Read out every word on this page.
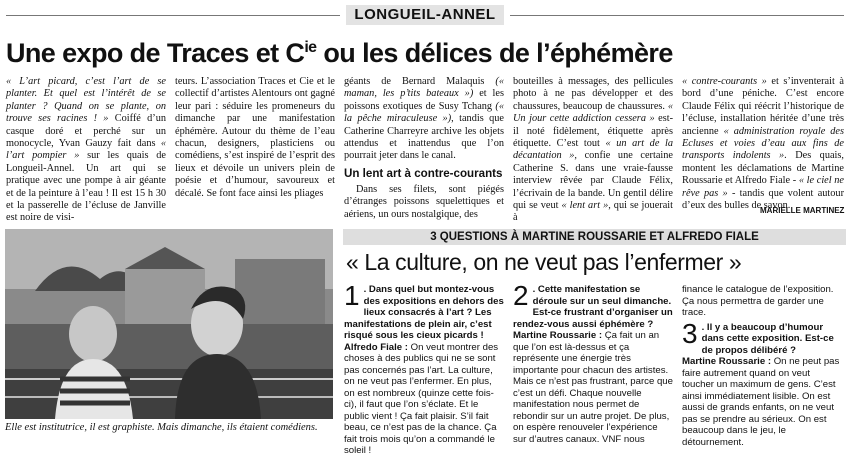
LONGUEIL-ANNEL
Une expo de Traces et $C^{ie}$ ou les délices de l’éphémère

« L’art picard, c’est l’art de se planter. Et quel est l’intérêt de se planter ? Quand on se plante, on trouve ses racines ! » Coiffé d’un casque doré et perché sur un monocycle, Yvan Gauzy fait dans « l’art pompier » sur les quais de Longueil-Annel. Un art qui se pratique avec une pompe à air géante et de la peinture à l’eau ! Il est 15 h 30 et la passerelle de l’écluse de Janville est noire de visi-

teurs. L’association Traces et Cie et le collectif d’artistes Alentours ont gagné leur pari : séduire les promeneurs du dimanche par une manifestation éphémère. Autour du thème de l’eau chacun, designers, plasticiens ou comédiens, s’est inspiré de l’esprit des lieux et dévoile un univers plein de poésie et d’humour, savoureux et décalé. Se font face ainsi les pliages

géants de Bernard Malaquis (« maman, les p’tits bateaux ») et les poissons exotiques de Susy Tchang (« la pêche miraculeuse »), tandis que Catherine Charreyre archive les objets attendus et inattendus que l’on pourrait jeter dans le canal.

Un lent art à contre-courants

Dans ses filets, sont piégés d’étranges poissons squelettiques et aériens, un ours nostalgique, des

bouteilles à messages, des pellicules photo à ne pas développer et des chaussures, beaucoup de chaussures. « Un jour cette addiction cessera » est-il noté fidèlement, étiquette après étiquette. C’est tout « un art de la décantation », confie une certaine Catherine S. dans une vraie-fausse interview rêvée par Claude Félix, l’écrivain de la bande. Un gentil délire qui se veut « lent art », qui se jouerait à

« contre-courants » et s’inventerait à bord d’une péniche. C’est encore Claude Félix qui réécrit l’historique de l’écluse, installation héritée d’une très ancienne « administration royale des Ecluses et voies d’eau aux fins de transports indolents ». Des quais, montent les déclamations de Martine Roussarie et Alfredo Fiale - « le ciel ne rêve pas » - tandis que volent autour d’eux des bulles de savon.

MARIELLE MARTINEZ
Elle est institutrice, il est graphiste. Mais dimanche, ils étaient comédiens.
3 QUESTIONS À MARTINE ROUSSARIE ET ALFREDO FIALE
« La culture, on ne veut pas l’enfermer »

1 . Dans quel but montez-vous des expositions en dehors des lieux consacrés à l’art ? Les manifestations de plein air, c’est risqué sous les cieux picards !

Alfredo Fiale : On veut montrer des choses à des publics qui ne se sont pas concernés pas l’art. La culture, on ne veut pas l’enfermer. En plus, on est nombreux (quinze cette fois-ci), il faut que l’on s’éclate. Et le public vient ! Ça fait plaisir. S’il fait beau, ce n’est pas de la chance. Ça fait trois mois qu’on a commandé le soleil !

2 . Cette manifestation se déroule sur un seul dimanche. Est-ce frustrant d’organiser un rendez-vous aussi éphémère ?

Martine Roussarie : Ça fait un an que l’on est là-dessus et ça représente une énergie très importante pour chacun des artistes. Mais ce n’est pas frustrant, parce que c’est un défi. Chaque nouvelle manifestation nous permet de rebondir sur un autre projet. De plus, on espère renouveler l’expérience sur d’autres canaux. VNF nous

finance le catalogue de l’exposition. Ça nous permettra de garder une trace.

3 . Il y a beaucoup d’humour dans cette exposition. Est-ce de propos délibéré ?

Martine Roussarie : On ne peut pas faire autrement quand on veut toucher un maximum de gens. C’est ainsi immédiatement lisible. On est aussi de grands enfants, on ne veut pas se prendre au sérieux. On est beaucoup dans le jeu, le détournement.
